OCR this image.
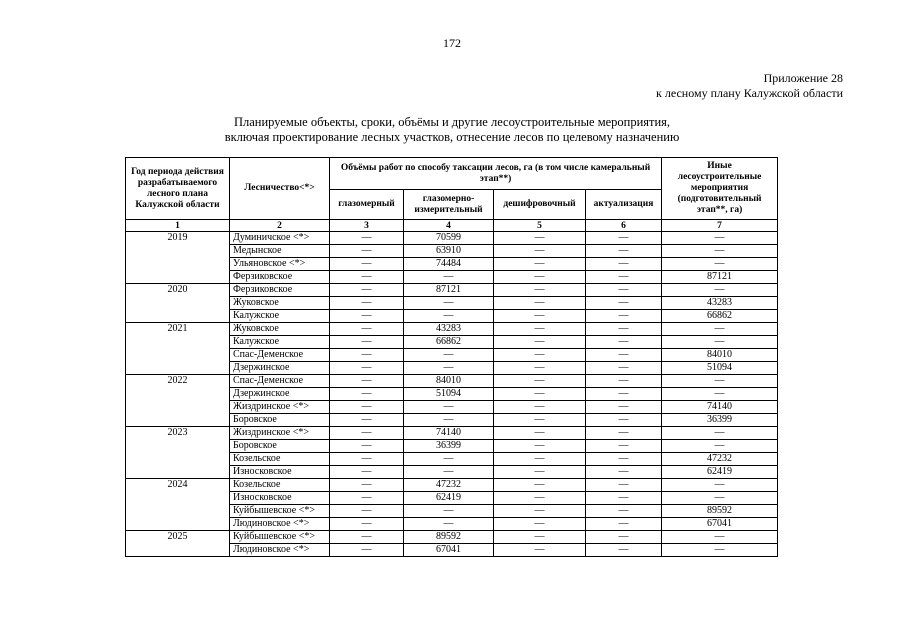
172
Приложение 28
к лесному плану Калужской области
Планируемые объекты, сроки, объёмы и другие лесоустроительные мероприятия,
включая проектирование лесных участков, отнесение лесов по целевому назначению
Год периода действия разрабатываемого лесного плана Калужской области	Лесничество<*>	Объёмы работ по способу таксации лесов, га (в том числе камеральный этап**)				Иные лесоустроительные мероприятия (подготовительный этап**, га)
		глазомерный	глазомерно-измерительный	дешифровочный	актуализация	
1	2	3	4	5	6	7
2019	Думиничское <*>	—	70599	—	—	—
	Медынское	—	63910	—	—	—
	Ульяновское <*>	—	74484	—	—	—
	Ферзиковское	—	—	—	—	87121
2020	Ферзиковское	—	87121	—	—	—
	Жуковское	—	—	—	—	43283
	Калужское	—	—	—	—	66862
2021	Жуковское	—	43283	—	—	—
	Калужское	—	66862	—	—	—
	Спас-Деменское	—	—	—	—	84010
	Дзержинское	—	—	—	—	51094
2022	Спас-Деменское	—	84010	—	—	—
	Дзержинское	—	51094	—	—	—
	Жиздринское <*>	—	—	—	—	74140
	Боровское	—	—	—	—	36399
2023	Жиздринское <*>	—	74140	—	—	—
	Боровское	—	36399	—	—	—
	Козельское	—	—	—	—	47232
	Износковское	—	—	—	—	62419
2024	Козельское	—	47232	—	—	—
	Износковское	—	62419	—	—	—
	Куйбышевское <*>	—	—	—	—	89592
	Людиновское <*>	—	—	—	—	67041
2025	Куйбышевское <*>	—	89592	—	—	—
	Людиновское <*>	—	67041	—	—	—
